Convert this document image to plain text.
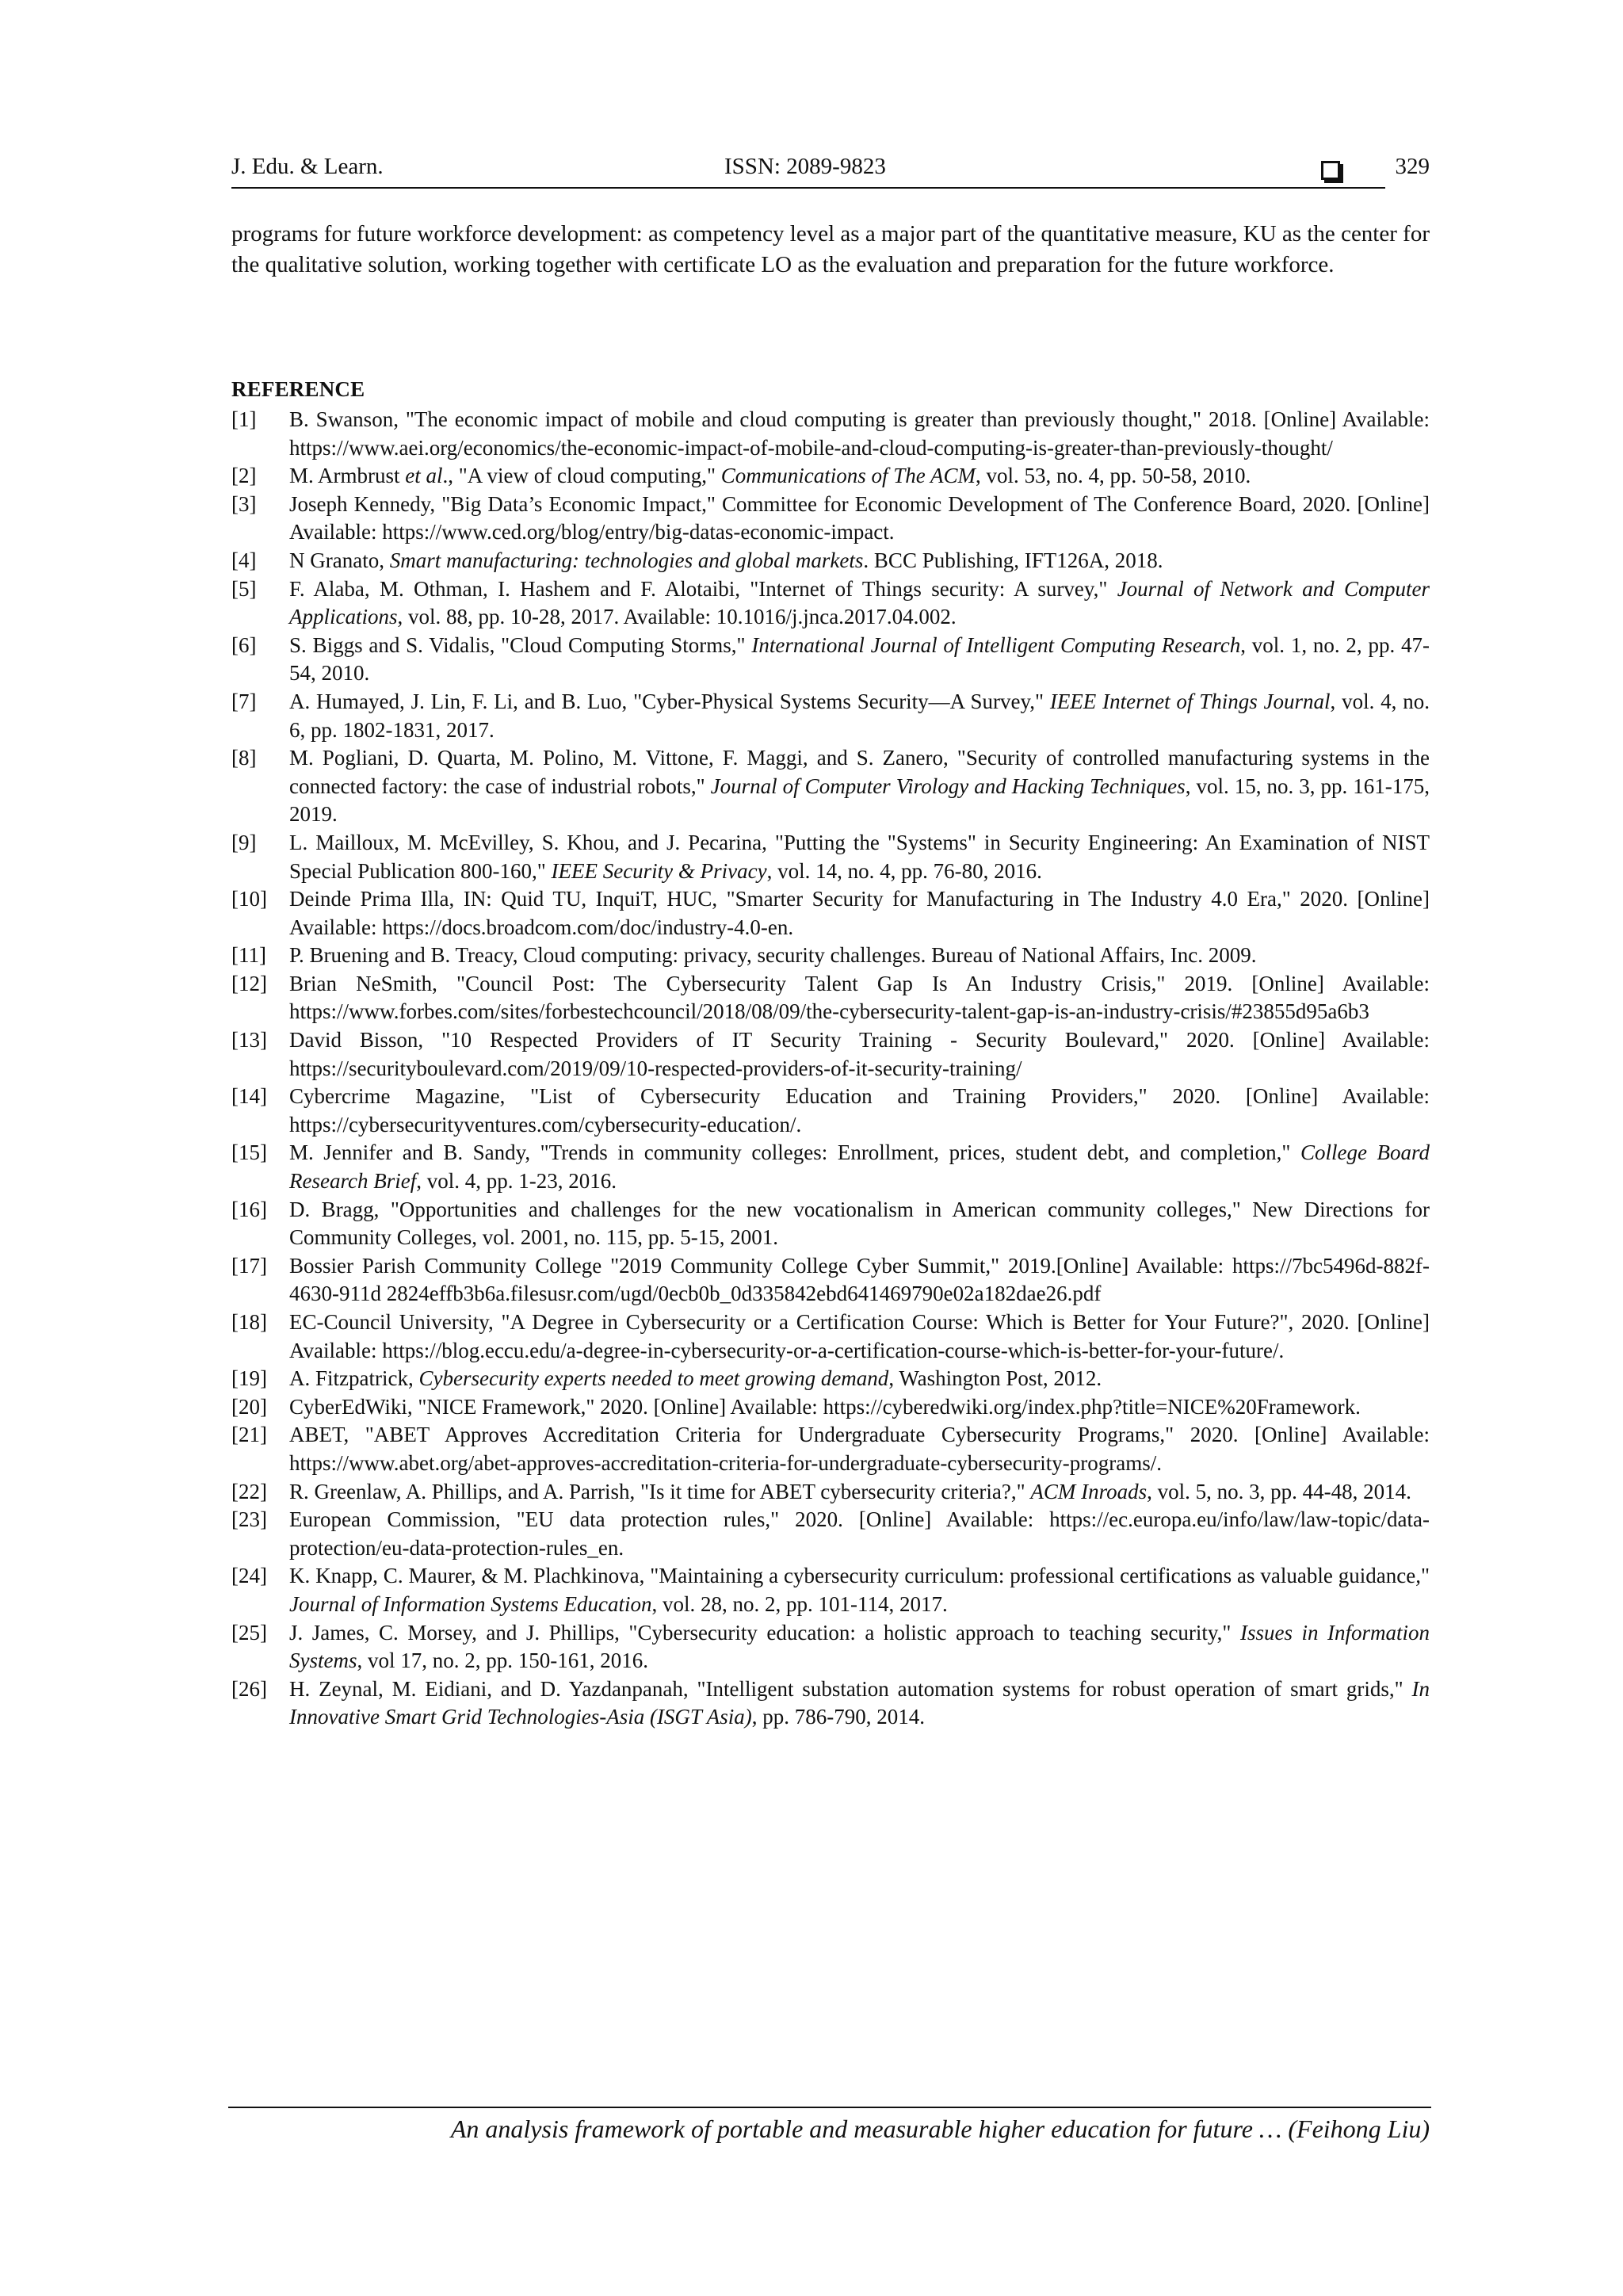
J. Edu. & Learn.	ISSN: 2089-9823	329

programs for future workforce development: as competency level as a major part of the quantitative measure, KU as the center for the qualitative solution, working together with certificate LO as the evaluation and preparation for the future workforce.

REFERENCE
[1] B. Swanson, "The economic impact of mobile and cloud computing is greater than previously thought," 2018. [Online] Available: https://www.aei.org/economics/the-economic-impact-of-mobile-and-cloud-computing-is-greater-than-previously-thought/
[2] M. Armbrust et al., "A view of cloud computing," Communications of The ACM, vol. 53, no. 4, pp. 50-58, 2010.
[3] Joseph Kennedy, "Big Data’s Economic Impact," Committee for Economic Development of The Conference Board, 2020. [Online] Available: https://www.ced.org/blog/entry/big-datas-economic-impact.
[4] N Granato, Smart manufacturing: technologies and global markets. BCC Publishing, IFT126A, 2018.
[5] F. Alaba, M. Othman, I. Hashem and F. Alotaibi, "Internet of Things security: A survey," Journal of Network and Computer Applications, vol. 88, pp. 10-28, 2017. Available: 10.1016/j.jnca.2017.04.002.
[6] S. Biggs and S. Vidalis, "Cloud Computing Storms," International Journal of Intelligent Computing Research, vol. 1, no. 2, pp. 47-54, 2010.
[7] A. Humayed, J. Lin, F. Li, and B. Luo, "Cyber-Physical Systems Security—A Survey," IEEE Internet of Things Journal, vol. 4, no. 6, pp. 1802-1831, 2017.
[8] M. Pogliani, D. Quarta, M. Polino, M. Vittone, F. Maggi, and S. Zanero, "Security of controlled manufacturing systems in the connected factory: the case of industrial robots," Journal of Computer Virology and Hacking Techniques, vol. 15, no. 3, pp. 161-175, 2019.
[9] L. Mailloux, M. McEvilley, S. Khou, and J. Pecarina, "Putting the "Systems" in Security Engineering: An Examination of NIST Special Publication 800-160," IEEE Security & Privacy, vol. 14, no. 4, pp. 76-80, 2016.
[10] Deinde Prima Illa, IN: Quid TU, InquiT, HUC, "Smarter Security for Manufacturing in The Industry 4.0 Era," 2020. [Online] Available: https://docs.broadcom.com/doc/industry-4.0-en.
[11] P. Bruening and B. Treacy, Cloud computing: privacy, security challenges. Bureau of National Affairs, Inc. 2009.
[12] Brian NeSmith, "Council Post: The Cybersecurity Talent Gap Is An Industry Crisis," 2019. [Online] Available: https://www.forbes.com/sites/forbestechcouncil/2018/08/09/the-cybersecurity-talent-gap-is-an-industry-crisis/#23855d95a6b3
[13] David Bisson, "10 Respected Providers of IT Security Training - Security Boulevard," 2020. [Online] Available: https://securityboulevard.com/2019/09/10-respected-providers-of-it-security-training/
[14] Cybercrime Magazine, "List of Cybersecurity Education and Training Providers," 2020. [Online] Available: https://cybersecurityventures.com/cybersecurity-education/.
[15] M. Jennifer and B. Sandy, "Trends in community colleges: Enrollment, prices, student debt, and completion," College Board Research Brief, vol. 4, pp. 1-23, 2016.
[16] D. Bragg, "Opportunities and challenges for the new vocationalism in American community colleges," New Directions for Community Colleges, vol. 2001, no. 115, pp. 5-15, 2001.
[17] Bossier Parish Community College "2019 Community College Cyber Summit," 2019.[Online] Available: https://7bc5496d-882f-4630-911d 2824effb3b6a.filesusr.com/ugd/0ecb0b_0d335842ebd641469790e02a182dae26.pdf
[18] EC-Council University, "A Degree in Cybersecurity or a Certification Course: Which is Better for Your Future?", 2020. [Online] Available: https://blog.eccu.edu/a-degree-in-cybersecurity-or-a-certification-course-which-is-better-for-your-future/.
[19] A. Fitzpatrick, Cybersecurity experts needed to meet growing demand, Washington Post, 2012.
[20] CyberEdWiki, "NICE Framework," 2020. [Online] Available: https://cyberedwiki.org/index.php?title=NICE%20Framework.
[21] ABET, "ABET Approves Accreditation Criteria for Undergraduate Cybersecurity Programs," 2020. [Online] Available: https://www.abet.org/abet-approves-accreditation-criteria-for-undergraduate-cybersecurity-programs/.
[22] R. Greenlaw, A. Phillips, and A. Parrish, "Is it time for ABET cybersecurity criteria?," ACM Inroads, vol. 5, no. 3, pp. 44-48, 2014.
[23] European Commission, "EU data protection rules," 2020. [Online] Available: https://ec.europa.eu/info/law/law-topic/data-protection/eu-data-protection-rules_en.
[24] K. Knapp, C. Maurer, & M. Plachkinova, "Maintaining a cybersecurity curriculum: professional certifications as valuable guidance," Journal of Information Systems Education, vol. 28, no. 2, pp. 101-114, 2017.
[25] J. James, C. Morsey, and J. Phillips, "Cybersecurity education: a holistic approach to teaching security," Issues in Information Systems, vol 17, no. 2, pp. 150-161, 2016.
[26] H. Zeynal, M. Eidiani, and D. Yazdanpanah, "Intelligent substation automation systems for robust operation of smart grids," In Innovative Smart Grid Technologies-Asia (ISGT Asia), pp. 786-790, 2014.
An analysis framework of portable and measurable higher education for future … (Feihong Liu)
